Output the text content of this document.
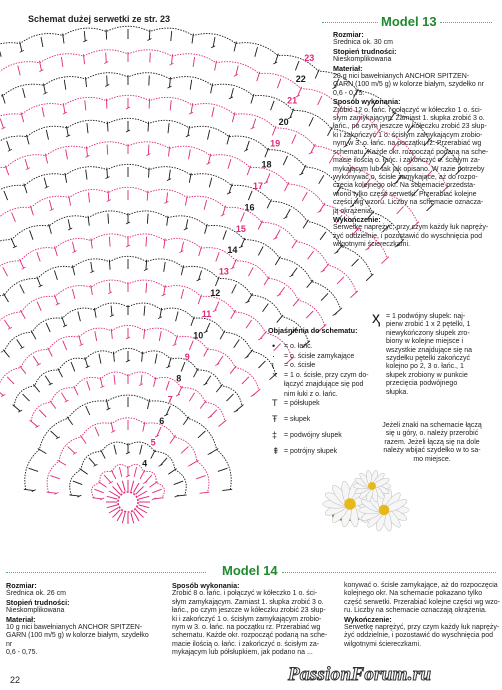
Schemat dużej serwetki ze str. 23
23
22
21
20
19
18
17
16
15
14
13
12
11
10
9
8
7
6
5
4
Model 13
Rozmiar:
Średnica ok. 30 cm
Stopień trudności:
Nieskomplikowana
Materiał:
20 g nici bawełnianych ANCHOR SPITZEN-
GARN (100 m/5 g) w kolorze białym, szydełko nr
0,6 - 0,75.
Sposób wykonania:
Zrobić 12 o. łańc. i połączyć w kółeczko 1 o. ści-
słym zamykającym. Zamiast 1. słupka zrobić 3 o.
łańc., po czym jeszcze w kółeczku zrobić 23 słup-
ki i zakończyć 1 o. ścisłym zamykającym zrobio-
nym w 3. o. łańc. na początku rz. Przerabiać wg
schematu. Każde okr. rozpocząć podaną na sche-
macie ilością o. łańc. i zakończyć o. ścisłym za-
mykającym lub tak jak opisano. W razie potrzeby
wykonywać o. ścisłe zamykające, aż do rozpo-
częcia kolejnego okr. Na schemacie przedsta-
wiono tylko część serwetki. Przerabiać kolejne
części wg wzoru. Liczby na schemacie oznacza-
ją okrążenia.
Wykończenie:
Serwetkę naprężyć, przy czym każdy łuk napręży-
żyć oddzielnie, i pozostawić do wyschnięcia pod
wilgotnymi ściereczkami.
Objaśnienia do schematu:
• = o. łańc.
· = o. ścisłe zamykające
ɩ = o. ścisłe
× = 1 o. ścisłe, przy czym do-
łączyć znajdujące się pod
nim łuki z o. łańc.
T = półsłupek
Ŧ = słupek
‡ = podwójny słupek
⇞ = potrójny słupek
ҳ = 1 podwójny słupek: naj-
pierw zrobić 1 x 2 pętelki, 1
niewykończony słupek zro-
biony w kolejne miejsce i
wszystkie znajdujące się na
szydełku pętelki zakończyć
kolejno po 2, 3 o. łańc., 1
słupek zrobiony w punkcie
przecięcia podwójnego
słupka.
Jeżeli znaki na schemacie łączą
się u góry, o. należy przerobić
razem. Jeżeli łączą się na dole
należy wbijać szydełko w to sa-
mo miejsce.
Model 14
Rozmiar:
Średnica ok. 26 cm
Stopień trudności:
Nieskomplikowana
Materiał:
10 g nici bawełnianych ANCHOR SPITZEN-
GARN (100 m/5 g) w kolorze białym, szydełko nr
0,6 - 0,75.
Sposób wykonania:
Zrobić 8 o. łańc. i połączyć w kółeczko 1 o. ści-
słym zamykającym. Zamiast 1. słupka zrobić 3 o.
łańc., po czym jeszcze w kółeczku zrobić 23 słup-
ki i zakończyć 1 o. ścisłym zamykającym zrobio-
nym w 3. o. łańc. na początku rz. Przerabiać wg
schematu. Każde okr. rozpocząć podaną na sche-
macie ilością o. łańc. i zakończyć o. ścisłym za-
mykającym lub półsłupkiem, jak podano na ...
konywać o. ścisłe zamykające, aż do rozpoczęcia
kolejnego okr. Na schemacie pokazano tylko
część serwetki. Przerabiać kolejne części wg wzo-
ru. Liczby na schemacie oznaczają okrążenia.
Wykończenie:
Serwetkę naprężyć, przy czym każdy łuk napręży-
żyć oddzielnie, i pozostawić do wyschnięcia pod
wilgotnymi ściereczkami.
22	PassionForum.ru
